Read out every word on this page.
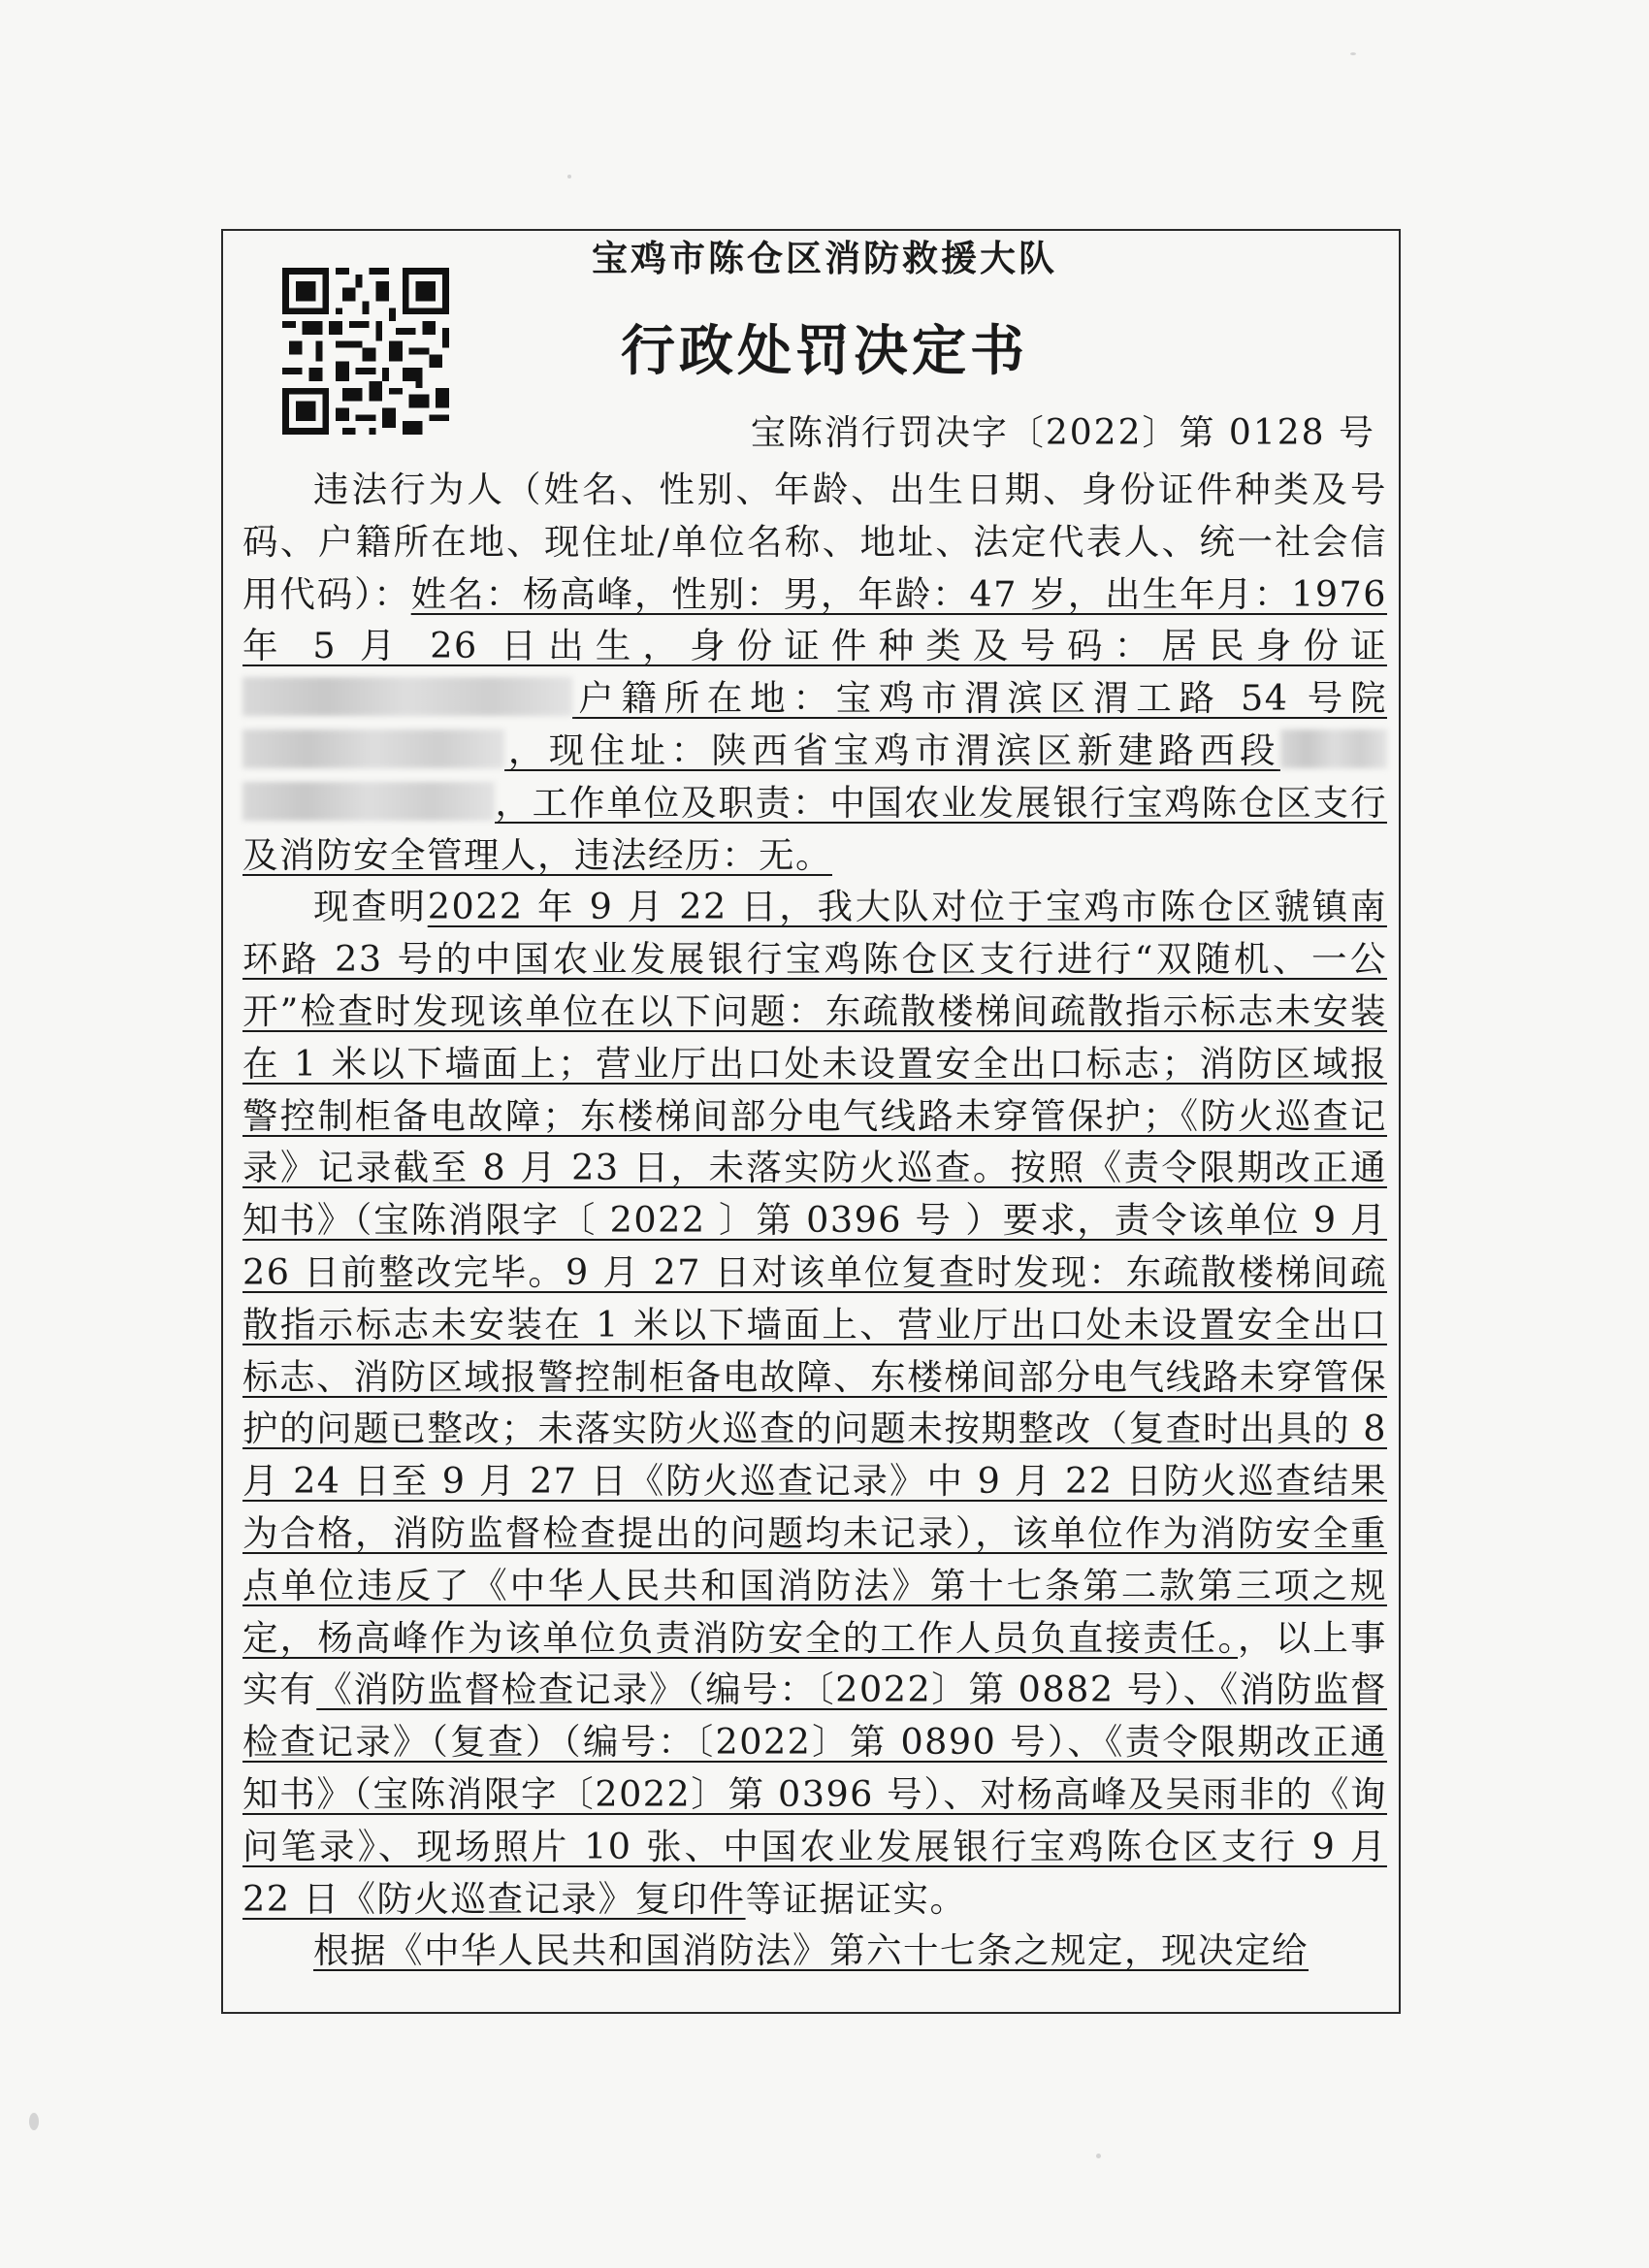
宝鸡市陈仓区消防救援大队
行政处罚决定书
宝陈消行罚决字〔2022〕第 0128 号

违法行为人（姓名、性别、年龄、出生日期、身份证件种类及号码、户籍所在地、现住址/单位名称、地址、法定代表人、统一社会信用代码）：姓名：杨高峰，性别：男，年龄：47 岁，出生年月：1976 年 5 月 26 日出生，身份证件种类及号码：居民身份证户籍所在地：宝鸡市渭滨区渭工路 54 号院，现住址：陕西省宝鸡市渭滨区新建路西段，工作单位及职责：中国农业发展银行宝鸡陈仓区支行及消防安全管理人，违法经历：无。

现查明2022 年 9 月 22 日，我大队对位于宝鸡市陈仓区虢镇南环路 23 号的中国农业发展银行宝鸡陈仓区支行进行“双随机、一公开”检查时发现该单位在以下问题：东疏散楼梯间疏散指示标志未安装在 1 米以下墙面上；营业厅出口处未设置安全出口标志；消防区域报警控制柜备电故障；东楼梯间部分电气线路未穿管保护；《防火巡查记录》记录截至 8 月 23 日，未落实防火巡查。按照《责令限期改正通知书》（宝陈消限字〔 2022 〕第 0396 号 ）要求，责令该单位 9 月 26 日前整改完毕。9 月 27 日对该单位复查时发现：东疏散楼梯间疏散指示标志未安装在 1 米以下墙面上、营业厅出口处未设置安全出口标志、消防区域报警控制柜备电故障、东楼梯间部分电气线路未穿管保护的问题已整改；未落实防火巡查的问题未按期整改（复查时出具的 8 月 24 日至 9 月 27 日《防火巡查记录》中 9 月 22 日防火巡查结果为合格，消防监督检查提出的问题均未记录），该单位作为消防安全重点单位违反了《中华人民共和国消防法》第十七条第二款第三项之规定，杨高峰作为该单位负责消防安全的工作人员负直接责任。，以上事实有《消防监督检查记录》（编号：〔2022〕第 0882 号）、《消防监督检查记录》（复查）（编号：〔2022〕第 0890 号）、《责令限期改正通知书》（宝陈消限字〔2022〕第 0396 号）、对杨高峰及吴雨非的《询问笔录》、现场照片 10 张、中国农业发展银行宝鸡陈仓区支行 9 月 22 日《防火巡查记录》复印件等证据证实。

根据《中华人民共和国消防法》第六十七条之规定，现决定给
